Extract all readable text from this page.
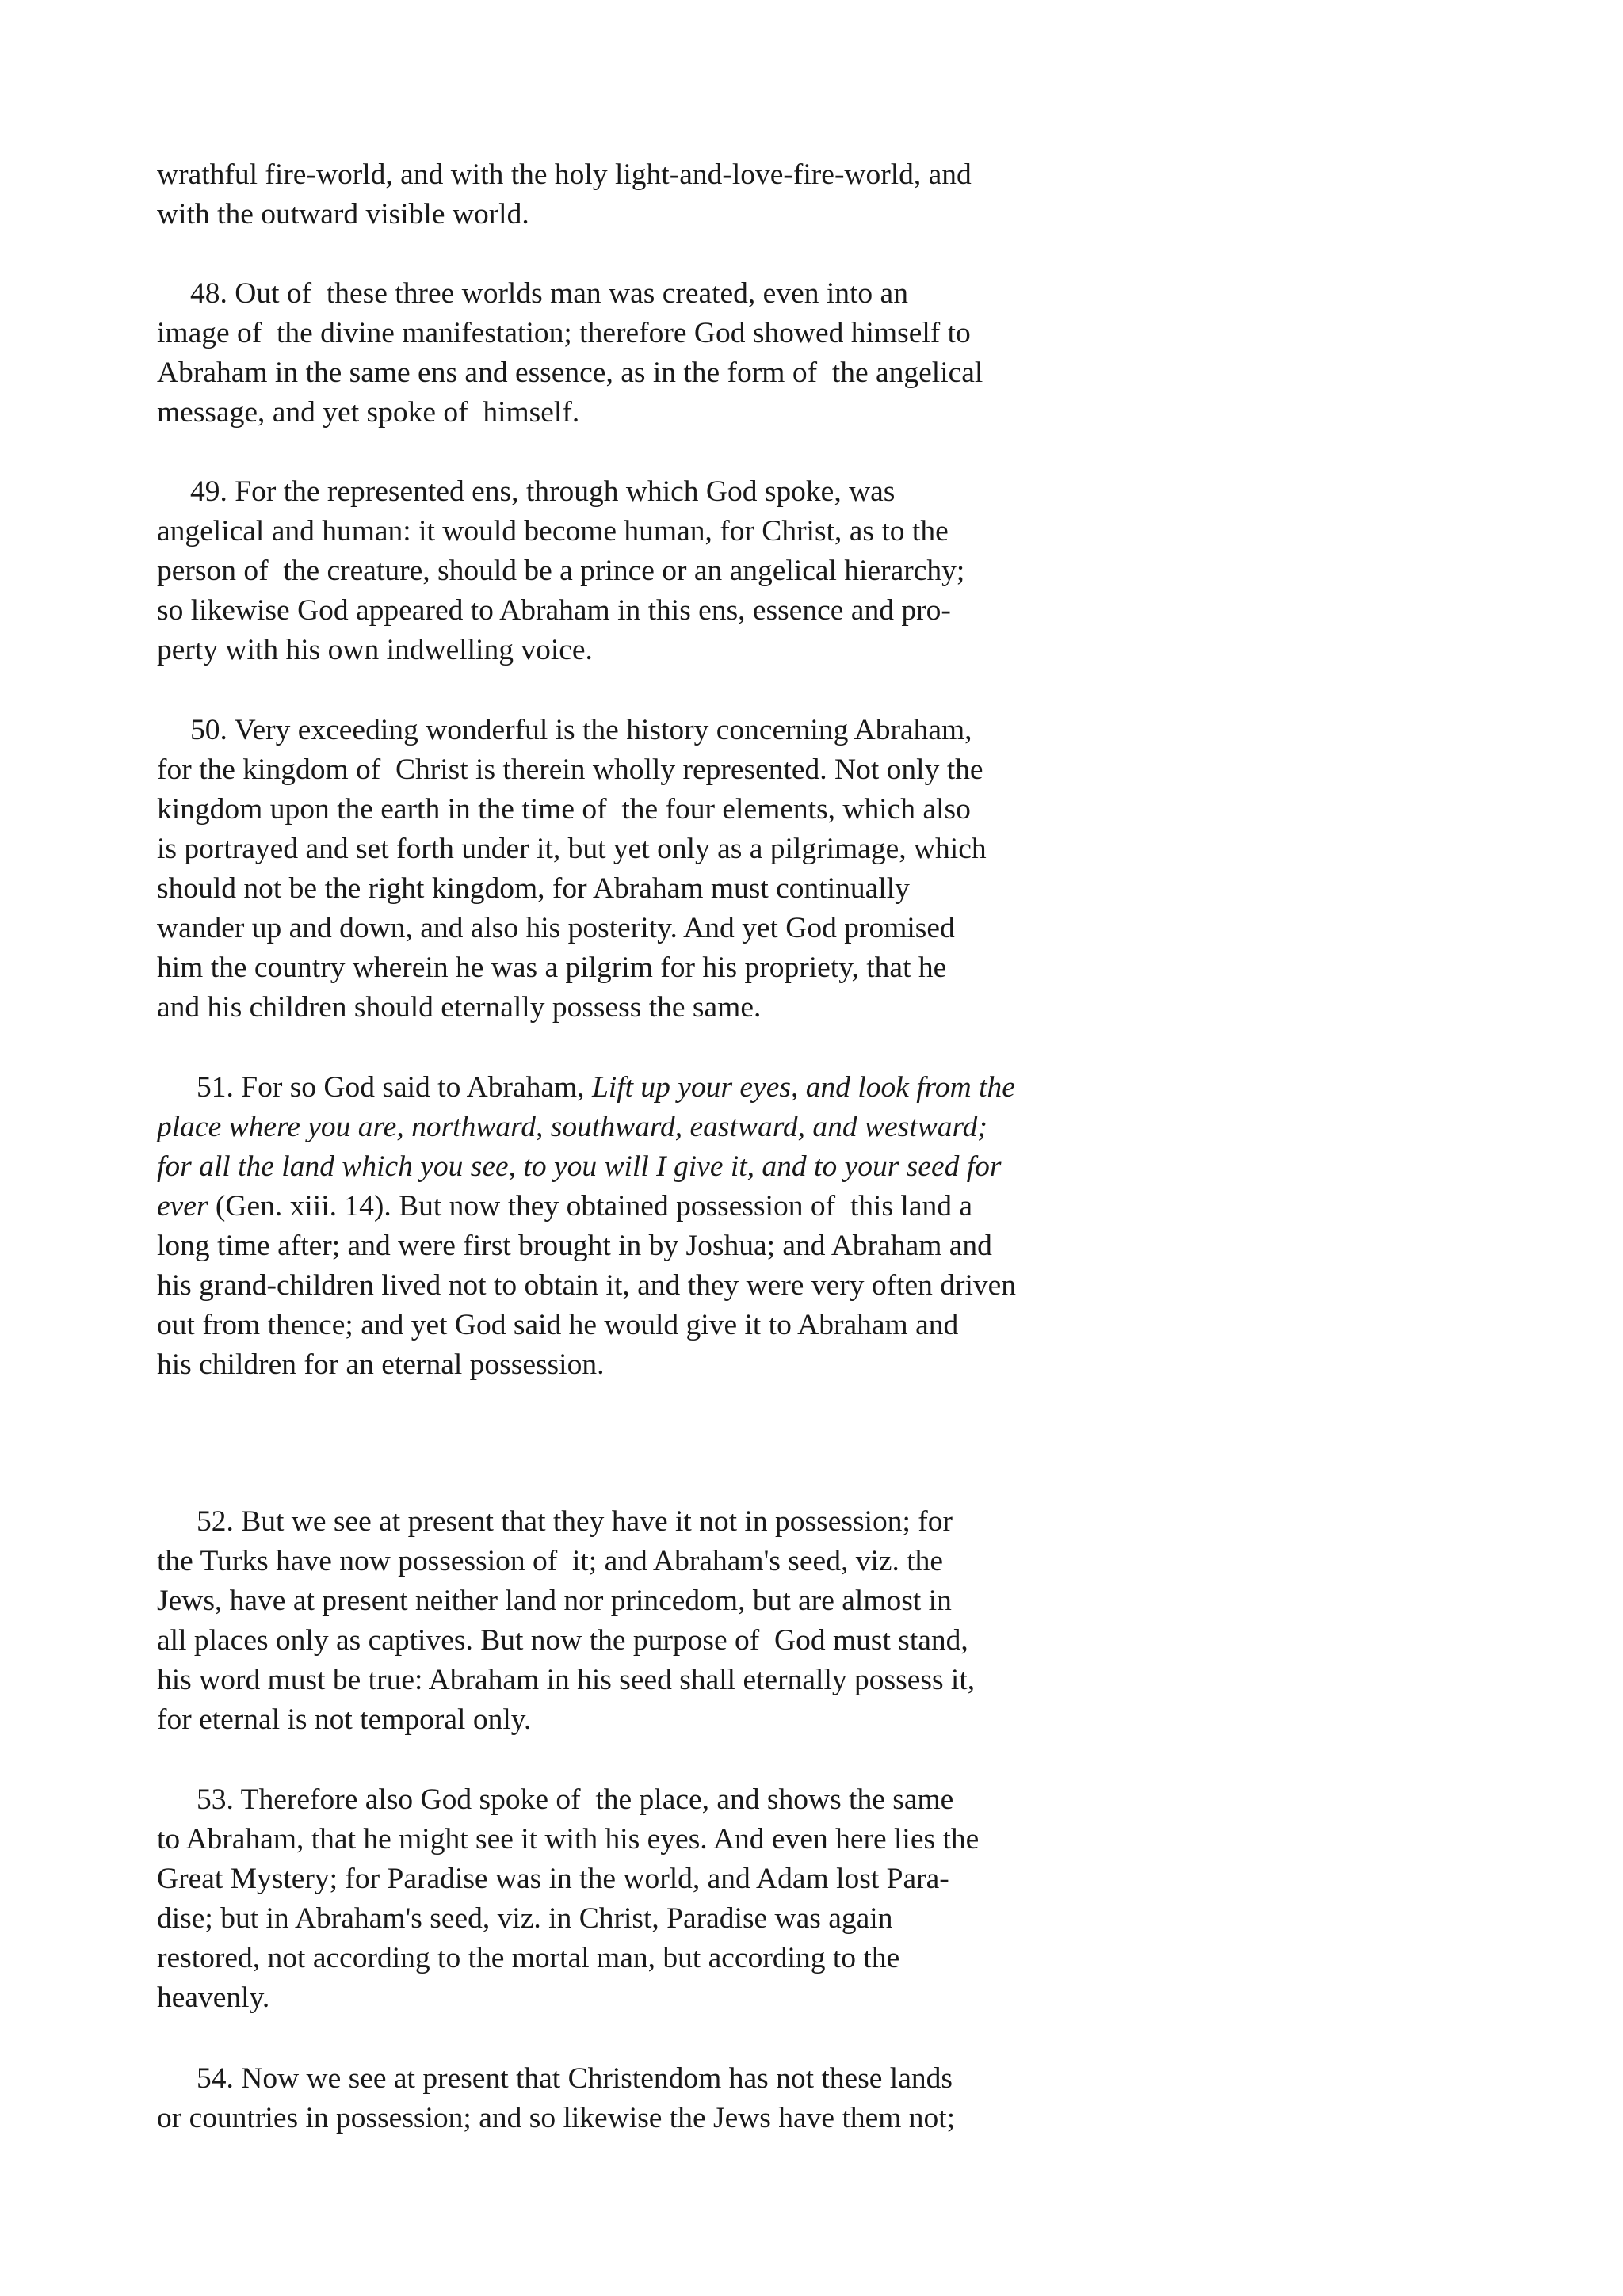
wrathful fire-world, and with the holy light-and-love-fire-world, and
with the outward visible world.
48. Out of  these three worlds man was created, even into an
image of  the divine manifestation; therefore God showed himself to
Abraham in the same ens and essence, as in the form of  the angelical
message, and yet spoke of  himself.
49. For the represented ens, through which God spoke, was
angelical and human: it would become human, for Christ, as to the
person of  the creature, should be a prince or an angelical hierarchy;
so likewise God appeared to Abraham in this ens, essence and pro-
perty with his own indwelling voice.
50. Very exceeding wonderful is the history concerning Abraham,
for the kingdom of  Christ is therein wholly represented. Not only the
kingdom upon the earth in the time of  the four elements, which also
is portrayed and set forth under it, but yet only as a pilgrimage, which
should not be the right kingdom, for Abraham must continually
wander up and down, and also his posterity. And yet God promised
him the country wherein he was a pilgrim for his propriety, that he
and his children should eternally possess the same.
51. For so God said to Abraham, Lift up your eyes, and look from the
place where you are, northward, southward, eastward, and westward;
for all the land which you see, to you will I give it, and to your seed for
ever (Gen. xiii. 14). But now they obtained possession of  this land a
long time after; and were first brought in by Joshua; and Abraham and
his grand-children lived not to obtain it, and they were very often driven
out from thence; and yet God said he would give it to Abraham and
his children for an eternal possession.
52. But we see at present that they have it not in possession; for
the Turks have now possession of  it; and Abraham's seed, viz. the
Jews, have at present neither land nor princedom, but are almost in
all places only as captives. But now the purpose of  God must stand,
his word must be true: Abraham in his seed shall eternally possess it,
for eternal is not temporal only.
53. Therefore also God spoke of  the place, and shows the same
to Abraham, that he might see it with his eyes. And even here lies the
Great Mystery; for Paradise was in the world, and Adam lost Para-
dise; but in Abraham's seed, viz. in Christ, Paradise was again
restored, not according to the mortal man, but according to the
heavenly.
54. Now we see at present that Christendom has not these lands
or countries in possession; and so likewise the Jews have them not;
